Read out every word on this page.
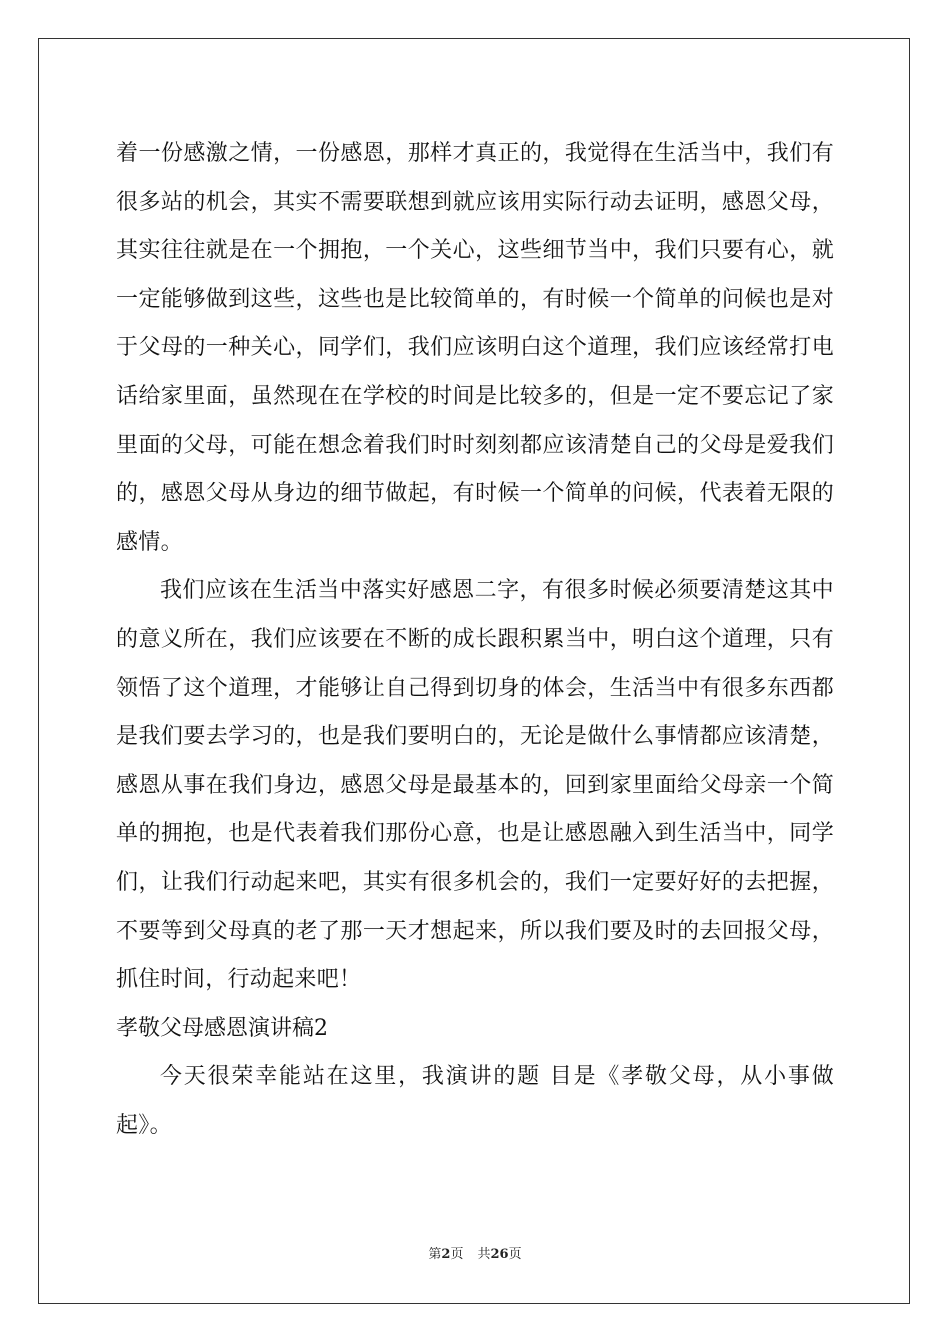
着一份感激之情，一份感恩，那样才真正的，我觉得在生活当中，我们有很多站的机会，其实不需要联想到就应该用实际行动去证明，感恩父母，其实往往就是在一个拥抱，一个关心，这些细节当中，我们只要有心，就一定能够做到这些，这些也是比较简单的，有时候一个简单的问候也是对于父母的一种关心，同学们，我们应该明白这个道理，我们应该经常打电话给家里面，虽然现在在学校的时间是比较多的，但是一定不要忘记了家里面的父母，可能在想念着我们时时刻刻都应该清楚自己的父母是爱我们的，感恩父母从身边的细节做起，有时候一个简单的问候，代表着无限的感情。

我们应该在生活当中落实好感恩二字，有很多时候必须要清楚这其中的意义所在，我们应该要在不断的成长跟积累当中，明白这个道理，只有领悟了这个道理，才能够让自己得到切身的体会，生活当中有很多东西都是我们要去学习的，也是我们要明白的，无论是做什么事情都应该清楚，感恩从事在我们身边，感恩父母是最基本的，回到家里面给父母亲一个简单的拥抱，也是代表着我们那份心意，也是让感恩融入到生活当中，同学们，让我们行动起来吧，其实有很多机会的，我们一定要好好的去把握，不要等到父母真的老了那一天才想起来，所以我们要及时的去回报父母，抓住时间，行动起来吧！

孝敬父母感恩演讲稿2

今天很荣幸能站在这里，我演讲的题 目是《孝敬父母，从小事做起》。

第2页 共26页
